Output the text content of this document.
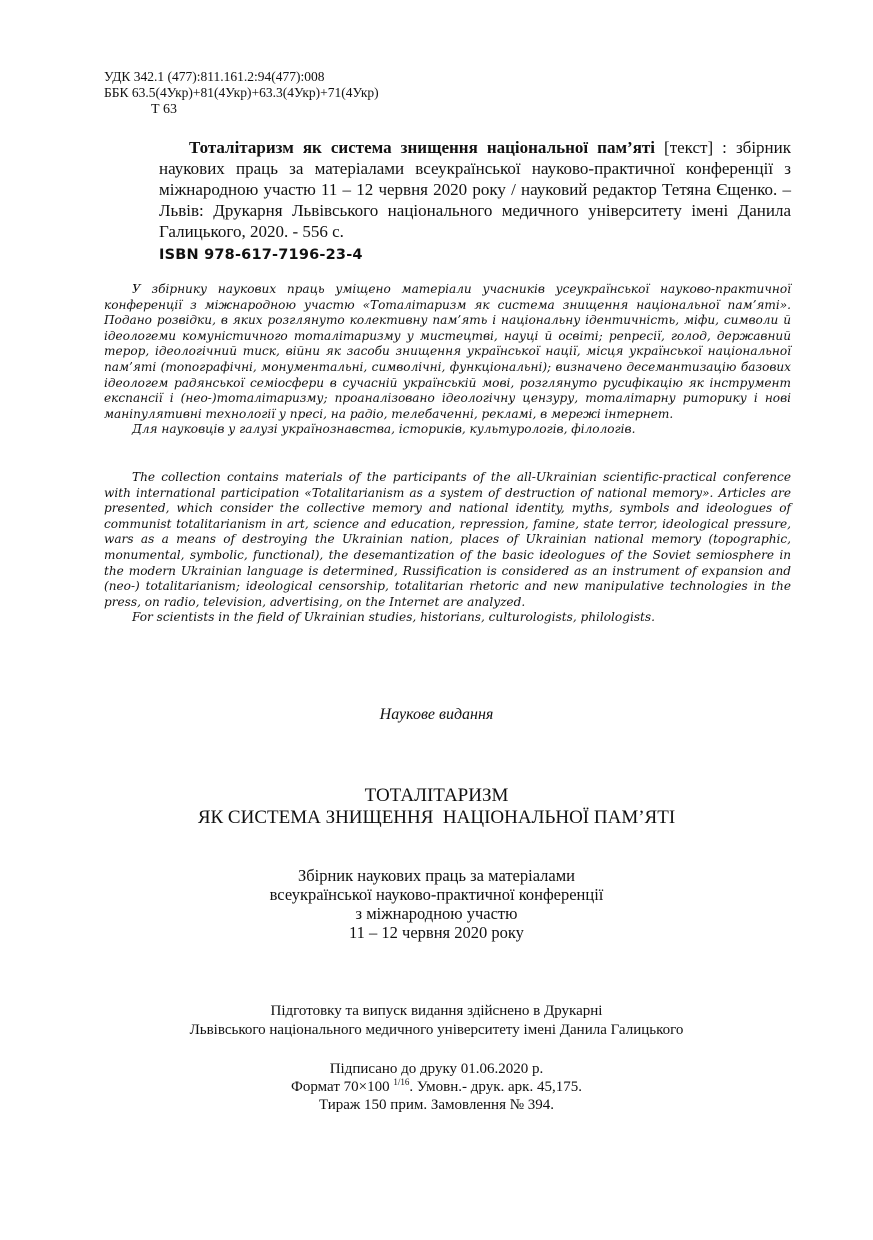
УДК 342.1 (477):811.161.2:94(477):008
ББК 63.5(4Укр)+81(4Укр)+63.3(4Укр)+71(4Укр)
Т 63
Тоталітаризм як система знищення національної пам’яті [текст] : збірник наукових праць за матеріалами всеукраїнської науково-практичної конференції з міжнародною участю 11 – 12 червня 2020 року / науковий редактор Тетяна Єщенко. – Львів: Друкарня Львівського національного медичного університету імені Данила Галицького, 2020. - 556 с.
ISBN 978-617-7196-23-4

У збірнику наукових праць уміщено матеріали учасників усеукраїнської науково-практичної конференції з міжнародною участю «Тоталітаризм як система знищення національної пам’яті». Подано розвідки, в яких розглянуто колективну пам’ять і національну ідентичність, міфи, символи й ідеологеми комуністичного тоталітаризму у мистецтві, науці й освіті; репресії, голод, державний терор, ідеологічний тиск, війни як засоби знищення української нації, місця української національної пам’яті (топографічні, монументальні, символічні, функціональні); визначено десемантизацію базових ідеологем радянської семіосфери в сучасній українській мові, розглянуто русифікацію як інструмент експансії і (нео-)тоталітаризму; проаналізовано ідеологічну цензуру, тоталітарну риторику і нові маніпулятивні технології у пресі, на радіо, телебаченні, рекламі, в мережі інтернет.

Для науковців у галузі українознавства, істориків, культурологів, філологів.

The collection contains materials of the participants of the all-Ukrainian scientific-practical conference with international participation «Totalitarianism as a system of destruction of national memory». Articles are presented, which consider the collective memory and national identity, myths, symbols and ideologues of communist totalitarianism in art, science and education, repression, famine, state terror, ideological pressure, wars as a means of destroying the Ukrainian nation, places of Ukrainian national memory (topographic, monumental, symbolic, functional), the desemantization of the basic ideologues of the Soviet semiosphere in the modern Ukrainian language is determined, Russification is considered as an instrument of expansion and (neo-) totalitarianism; ideological censorship, totalitarian rhetoric and new manipulative technologies in the press, on radio, television, advertising, on the Internet are analyzed.

For scientists in the field of Ukrainian studies, historians, culturologists, philologists.

Наукове видання
ТОТАЛІТАРИЗМ
ЯК СИСТЕМА ЗНИЩЕННЯ  НАЦІОНАЛЬНОЇ ПАМ’ЯТІ
Збірник наукових праць за матеріалами
всеукраїнської науково-практичної конференції
з міжнародною участю
11 – 12 червня 2020 року
Підготовку та випуск видання здійснено в Друкарні
Львівського національного медичного університету імені Данила Галицького
Підписано до друку 01.06.2020 р.
Формат 70×100 $^{1/16}$. Умовн.- друк. арк. 45,175.
Тираж 150 прим. Замовлення № 394.
